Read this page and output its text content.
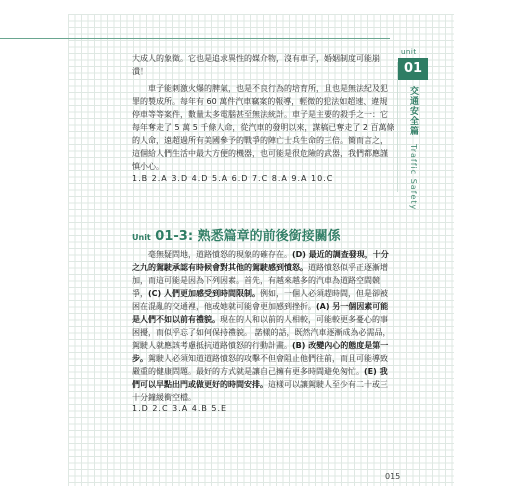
unit
01
交通安全篇 Traffic Safety

大成人的象徵。它也是追求異性的媒介物，沒有車子，婚姻制度可能崩潰！

車子能刺激火爆的脾氣，也是不良行為的培育所，且也是無法紀及犯罪的製成所。每年有 60 萬件汽車竊案的報導，輕微的犯法如超速、違規停車等等案件，數量太多電腦甚至無法統計。車子是主要的殺手之一：它每年奪走了 5 萬 5 千條人命，從汽車的發明以來，謀稿已奪走了 2 百萬條的人命，遠超過所有美國參予的戰爭的陣亡士兵生命的三倍。簡而言之，這個給人們生活中最大方便的機器，也可能是很危險的武器，我們都應謹慎小心。

1.B 2.A 3.D 4.D 5.A 6.D 7.C 8.A 9.A 10.C
Unit 01-3: 熟悉篇章的前後銜接關係

毫無疑問地，道路憤怒的現象的確存在。(D) 最近的調查發現，十分之九的駕駛承認有時候會對其他的駕駛感到憤怒。道路憤怒似乎正逐漸增加，而這可能是因為下列因素。首先，有越來越多的汽車為道路空間競爭，(C) 人們更加感受到時間限制。例如，一個人必須趕時間，但是卻被困在混亂的交通裡，他或她就可能會更加感到挫折。(A) 另一個因素可能是人們不如以前有禮貌。現在的人和以前的人相較，可能較更多憂心的事困擾，而似乎忘了如何保持禮貌。 諾樣的話，既然汽車逐漸成為必需品，駕駛人就應該考慮抵抗道路憤怒的行動計畫。(B) 改變內心的態度是第一步。駕駛人必須知道道路憤怒的攻擊不但會阻止他們往前，而且可能導致嚴重的健康問題。最好的方式就是讓自己擁有更多時間避免匆忙。(E) 我們可以早點出門或做更好的時間安排。這樣可以讓駕駛人至少有二十或三十分鐘緩衝空檔。

1.D 2.C 3.A 4.B 5.E
015
